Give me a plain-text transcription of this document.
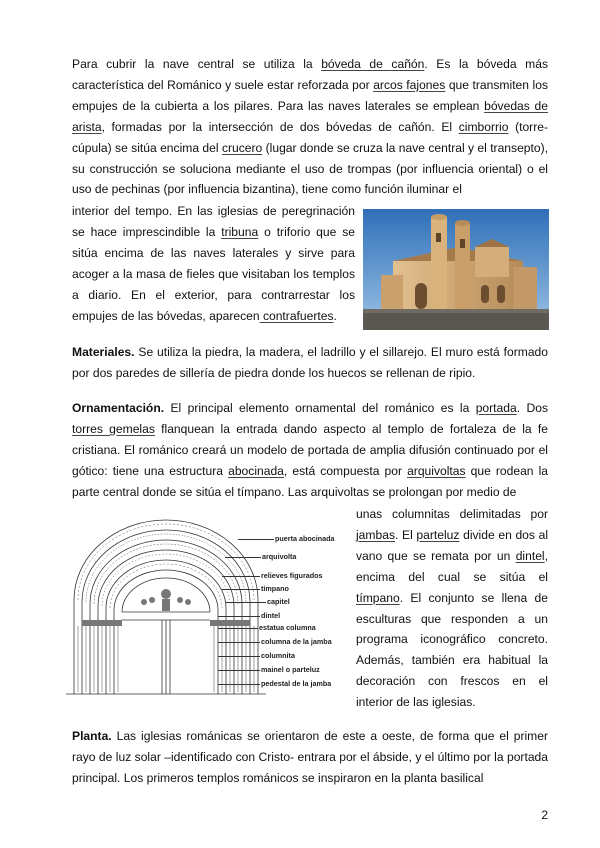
Para cubrir la nave central se utiliza la bóveda de cañón. Es la bóveda más característica del Románico y suele estar reforzada por arcos fajones que transmiten los empujes de la cubierta a los pilares. Para las naves laterales se emplean bóvedas de arista, formadas por la intersección de dos bóvedas de cañón. El cimborrio (torre-cúpula) se sitúa encima del crucero (lugar donde se cruza la nave central y el transepto), su construcción se soluciona mediante el uso de trompas (por influencia oriental) o el uso de pechinas (por influencia bizantina), tiene como función iluminar el
interior del tempo. En las iglesias de peregrinación se hace imprescindible la tribuna o triforio que se sitúa encima de las naves laterales y sirve para acoger a la masa de fieles que visitaban los templos a diario. En el exterior, para contrarrestar los empujes de las bóvedas, aparecen contrafuertes.
Materiales. Se utiliza la piedra, la madera, el ladrillo y el sillarejo. El muro está formado por dos paredes de sillería de piedra donde los huecos se rellenan de ripio.
Ornamentación. El principal elemento ornamental del románico es la portada. Dos torres gemelas flanquean la entrada dando aspecto al templo de fortaleza de la fe cristiana. El románico creará un modelo de portada de amplia difusión continuado por el gótico: tiene una estructura abocinada, está compuesta por arquivoltas que rodean la parte central donde se sitúa el tímpano. Las arquivoltas se prolongan por medio de
unas columnitas delimitadas por jambas. El parteluz divide en dos al vano que se remata por un dintel, encima del cual se sitúa el tímpano. El conjunto se llena de esculturas que responden a un programa iconográfico concreto. Además, también era habitual la decoración con frescos en el interior de las iglesias.
puerta abocinada
arquivolta
relieves figurados
tímpano
capitel
dintel
estatua columna
columna de la jamba
columnita
mainel o parteluz
pedestal de la jamba
Planta. Las iglesias románicas se orientaron de este a oeste, de forma que el primer rayo de luz solar –identificado con Cristo- entrara por el ábside, y el último por la portada principal. Los primeros templos románicos se inspiraron en la planta basilical
2
